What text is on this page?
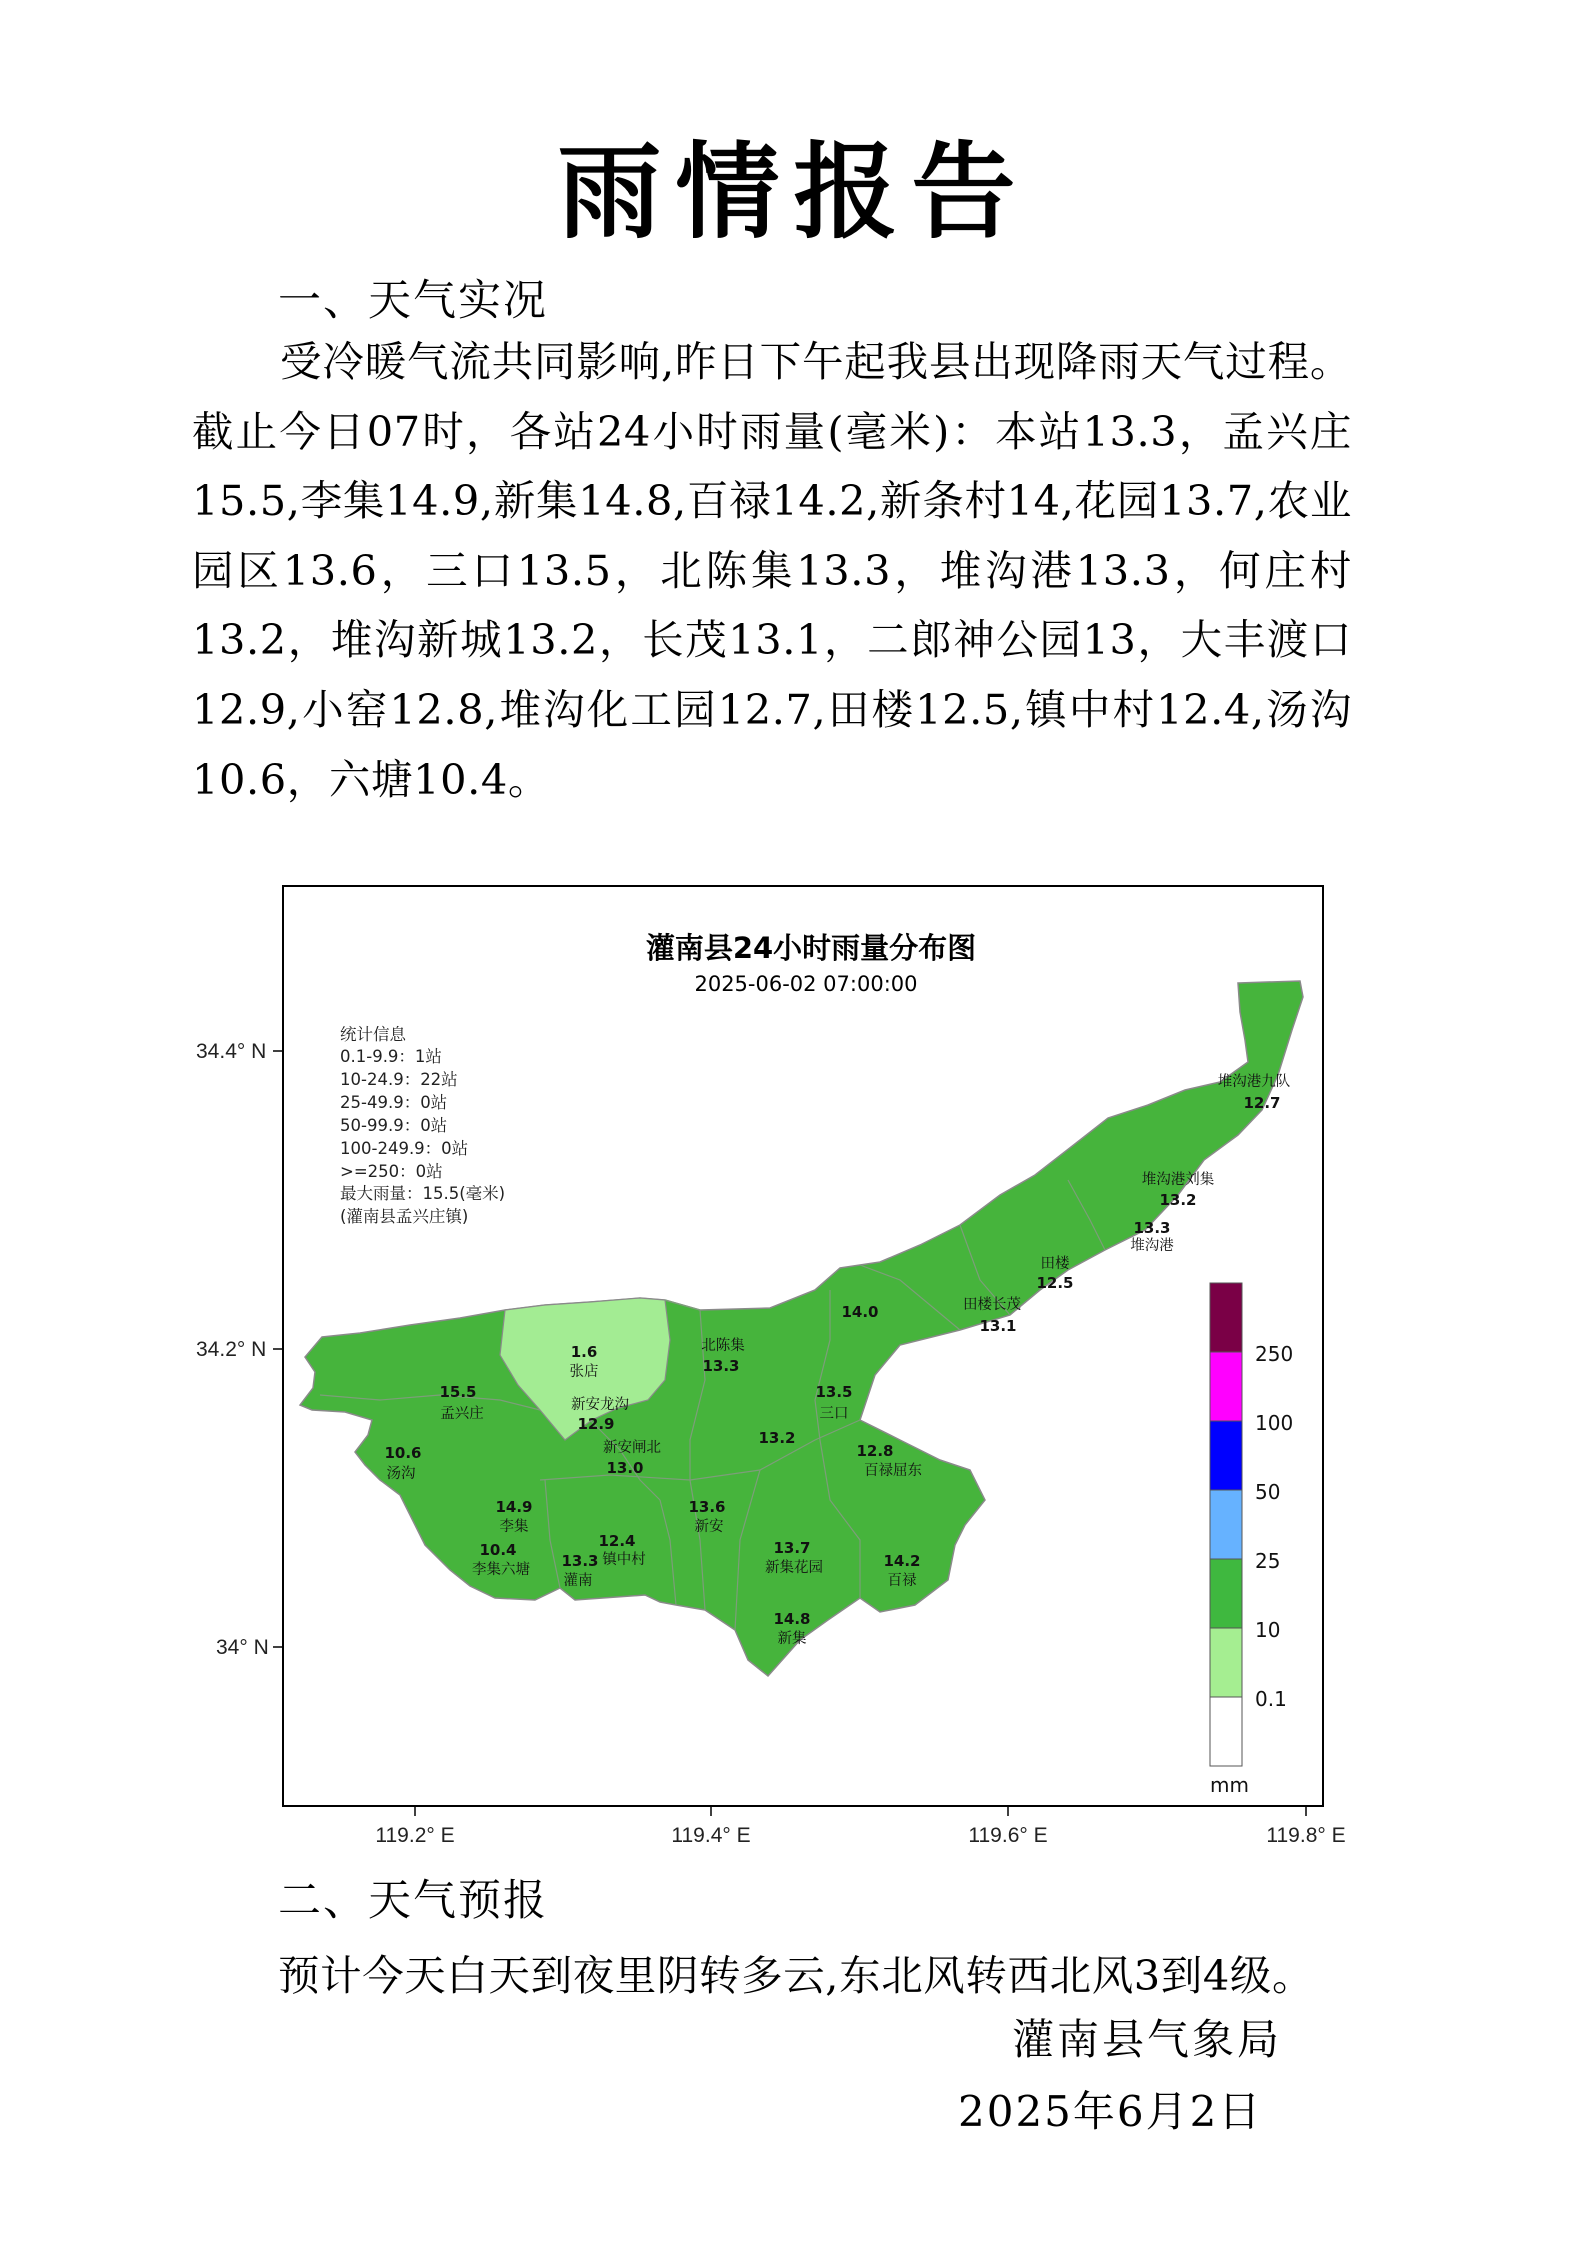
雨情报告
一、天气实况
受冷暖气流共同影响,昨日下午起我县出现降雨天气过程。截止今日07时，各站24小时雨量(毫米)：本站13.3，孟兴庄15.5,李集14.9,新集14.8,百禄14.2,新条村14,花园13.7,农业园区13.6，三口13.5，北陈集13.3，堆沟港13.3，何庄村13.2，堆沟新城13.2，长茂13.1，二郎神公园13，大丰渡口12.9,小窑12.8,堆沟化工园12.7,田楼12.5,镇中村12.4,汤沟10.6，六塘10.4。
灌南县24小时雨量分布图
2025-06-02 07:00:00
统计信息
0.1-9.9：1站
10-24.9：22站
25-49.9：0站
50-99.9：0站
100-249.9：0站
>=250：0站
最大雨量：15.5(毫米)
(灌南县孟兴庄镇)
34.4° N
34.2° N
34° N
119.2° E	119.4° E	119.6° E	119.8° E
堆沟港九队
12.7
堆沟港刘集
13.2
13.3
堆沟港
田楼
12.5
田楼长茂
13.1
14.0
北陈集
13.3
1.6
张店
15.5
孟兴庄
新安龙沟
12.9
13.5
三口
10.6
汤沟
新安闸北
13.0
13.2
12.8
百禄屈东
14.9
李集
12.4
镇中村
13.6
新安
10.4
李集六塘 13.3
灌南
13.7
新集花园	14.2
百禄
14.8
新集
250
100
50
25
10
0.1
mm
二、天气预报
预计今天白天到夜里阴转多云,东北风转西北风3到4级。
灌南县气象局
2025年6月2日
